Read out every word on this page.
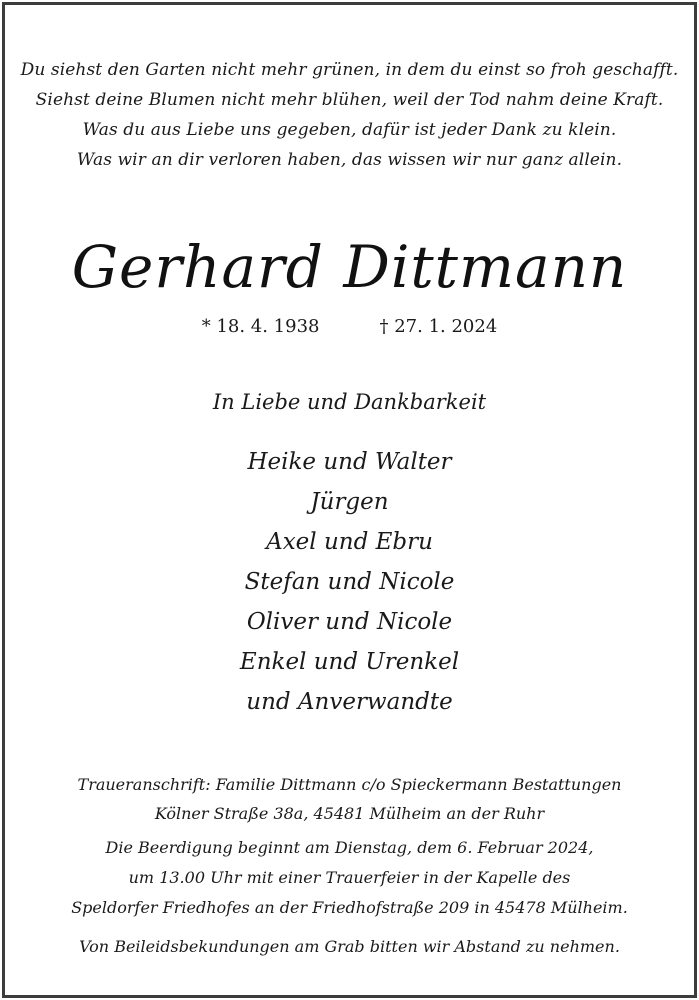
Du siehst den Garten nicht mehr grünen, in dem du einst so froh geschafft.
Siehst deine Blumen nicht mehr blühen, weil der Tod nahm deine Kraft.
Was du aus Liebe uns gegeben, dafür ist jeder Dank zu klein.
Was wir an dir verloren haben, das wissen wir nur ganz allein.
Gerhard Dittmann
* 18. 4. 1938	† 27. 1. 2024
In Liebe und Dankbarkeit
Heike und Walter
Jürgen
Axel und Ebru
Stefan und Nicole
Oliver und Nicole
Enkel und Urenkel
und Anverwandte
Traueranschrift: Familie Dittmann c/o Spieckermann Bestattungen
Kölner Straße 38a, 45481 Mülheim an der Ruhr
Die Beerdigung beginnt am Dienstag, dem 6. Februar 2024,
um 13.00 Uhr mit einer Trauerfeier in der Kapelle des
Speldorfer Friedhofes an der Friedhofstraße 209 in 45478 Mülheim.
Von Beileidsbekundungen am Grab bitten wir Abstand zu nehmen.
